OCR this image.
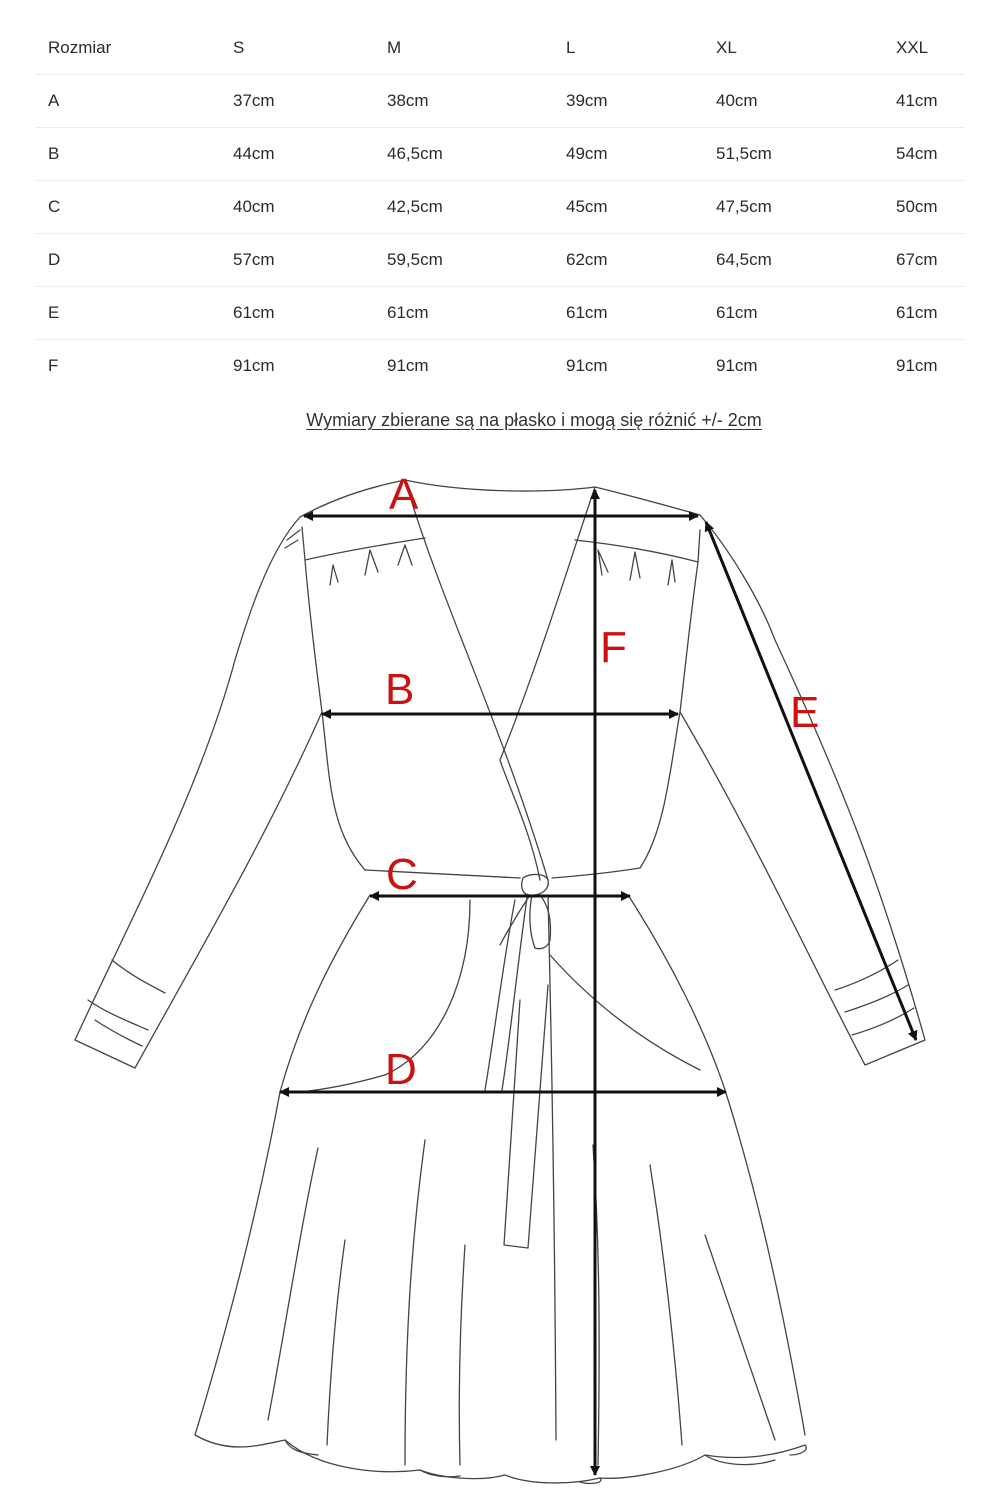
Rozmiar	S	M	L	XL	XXL
A	37cm	38cm	39cm	40cm	41cm
B	44cm	46,5cm	49cm	51,5cm	54cm
C	40cm	42,5cm	45cm	47,5cm	50cm
D	57cm	59,5cm	62cm	64,5cm	67cm
E	61cm	61cm	61cm	61cm	61cm
F	91cm	91cm	91cm	91cm	91cm
Wymiary zbierane są na płasko i mogą się różnić +/- 2cm
A
B
C
D
E
F
